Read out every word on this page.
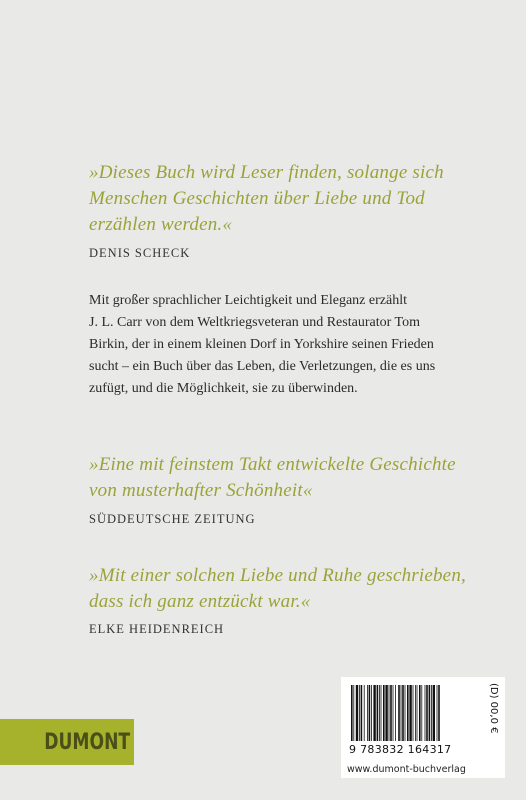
»Dieses Buch wird Leser finden, solange sich
Menschen Geschichten über Liebe und Tod
erzählen werden.«
DENIS SCHECK
Mit großer sprachlicher Leichtigkeit und Eleganz erzählt
J. L. Carr von dem Weltkriegsveteran und Restaurator Tom
Birkin, der in einem kleinen Dorf in Yorkshire seinen Frieden
sucht – ein Buch über das Leben, die Verletzungen, die es uns
zufügt, und die Möglichkeit, sie zu überwinden.
»Eine mit feinstem Takt entwickelte Geschichte
von musterhafter Schönheit«
SÜDDEUTSCHE ZEITUNG
»Mit einer solchen Liebe und Ruhe geschrieben,
dass ich ganz entzückt war.«
ELKE HEIDENREICH
DUMONT	9 783832 164317
(D) 00,0 €
www.dumont-buchverlag
